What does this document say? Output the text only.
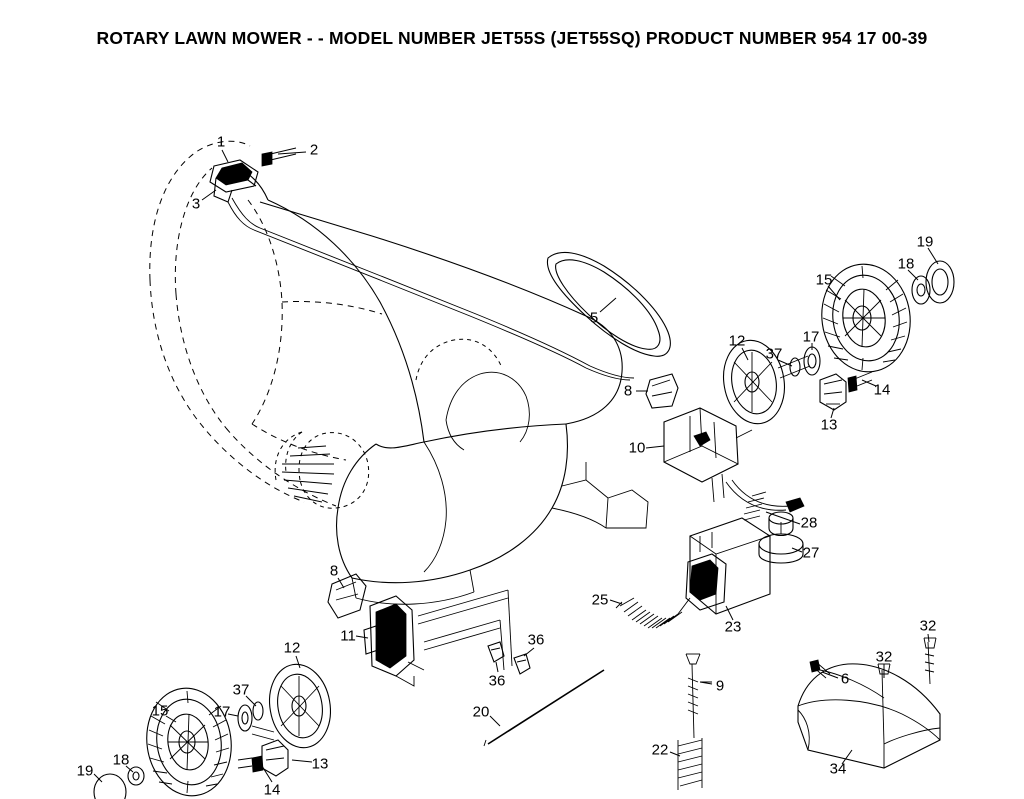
ROTARY LAWN MOWER - - MODEL NUMBER JET55S (JET55SQ) PRODUCT NUMBER 954 17 00-39
1	2
3
5
8
10
12
37
17
15
18
19
14
13
28
27
23
25
8
11
12
37
17
15
18
19
14
13
36
36
20
9
22
6
32
32
34
